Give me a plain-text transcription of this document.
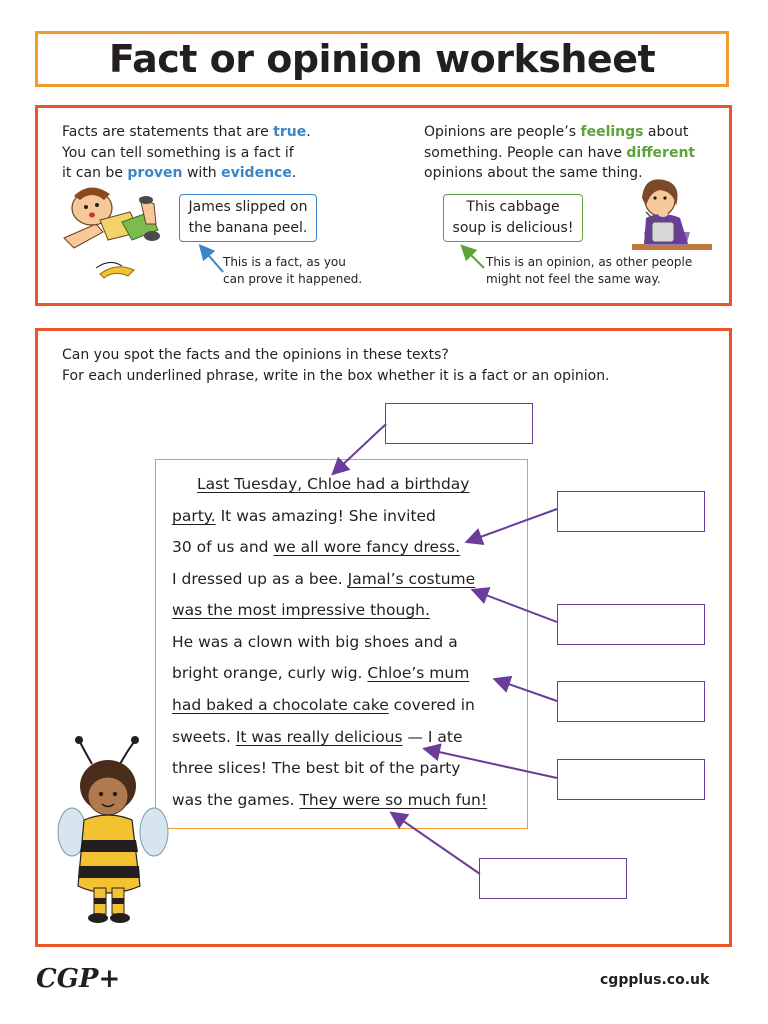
Fact or opinion worksheet
Facts are statements that are true.
You can tell something is a fact if
it can be proven with evidence.
Opinions are people’s feelings about
something. People can have different
opinions about the same thing.
James slipped on
the banana peel.
This is a fact, as you
can prove it happened.
This cabbage
soup is delicious!
This is an opinion, as other people
might not feel the same way.
Can you spot the facts and the opinions in these texts?
For each underlined phrase, write in the box whether it is a fact or an opinion.
Last Tuesday, Chloe had a birthday
party. It was amazing! She invited
30 of us and we all wore fancy dress.
I dressed up as a bee. Jamal’s costume
was the most impressive though.
He was a clown with big shoes and a
bright orange, curly wig. Chloe’s mum
had baked a chocolate cake covered in
sweets. It was really delicious — I ate
three slices! The best bit of the party
was the games. They were so much fun!
CGP+	cgpplus.co.uk
